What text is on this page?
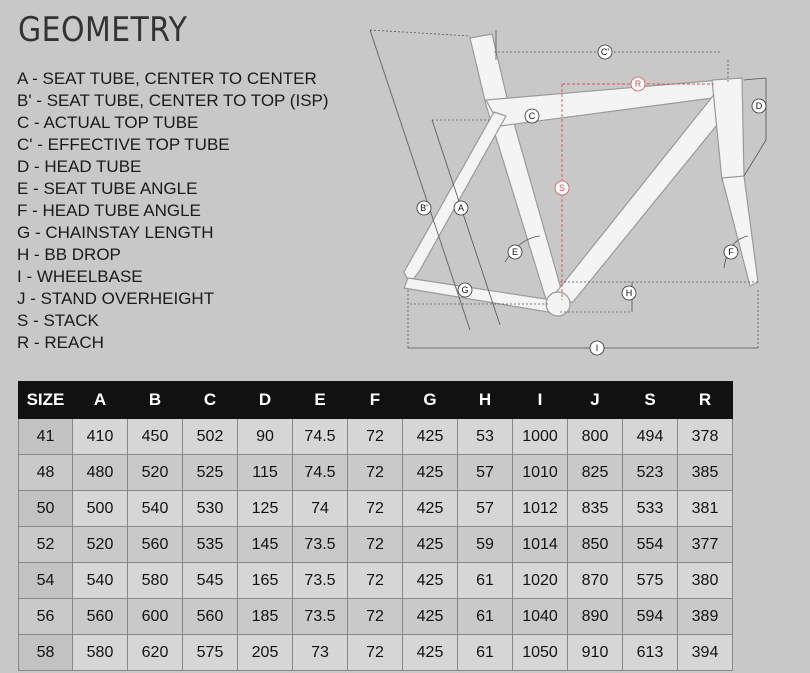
GEOMETRY
A - SEAT TUBE, CENTER TO CENTER
B' - SEAT TUBE, CENTER TO TOP (ISP)
C - ACTUAL TOP TUBE
C' - EFFECTIVE TOP TUBE
D - HEAD TUBE
E - SEAT TUBE ANGLE
F - HEAD TUBE ANGLE
G - CHAINSTAY LENGTH
H - BB DROP
I - WHEELBASE
J - STAND OVERHEIGHT
S - STACK
R - REACH
C'
R
D
C
S
B'	A
E	F
G	H
I
SIZE	A	B	C	D	E	F	G	H	I	J	S	R
41	410	450	502	90	74.5	72	425	53	1000	800	494	378
48	480	520	525	115	74.5	72	425	57	1010	825	523	385
50	500	540	530	125	74	72	425	57	1012	835	533	381
52	520	560	535	145	73.5	72	425	59	1014	850	554	377
54	540	580	545	165	73.5	72	425	61	1020	870	575	380
56	560	600	560	185	73.5	72	425	61	1040	890	594	389
58	580	620	575	205	73	72	425	61	1050	910	613	394
